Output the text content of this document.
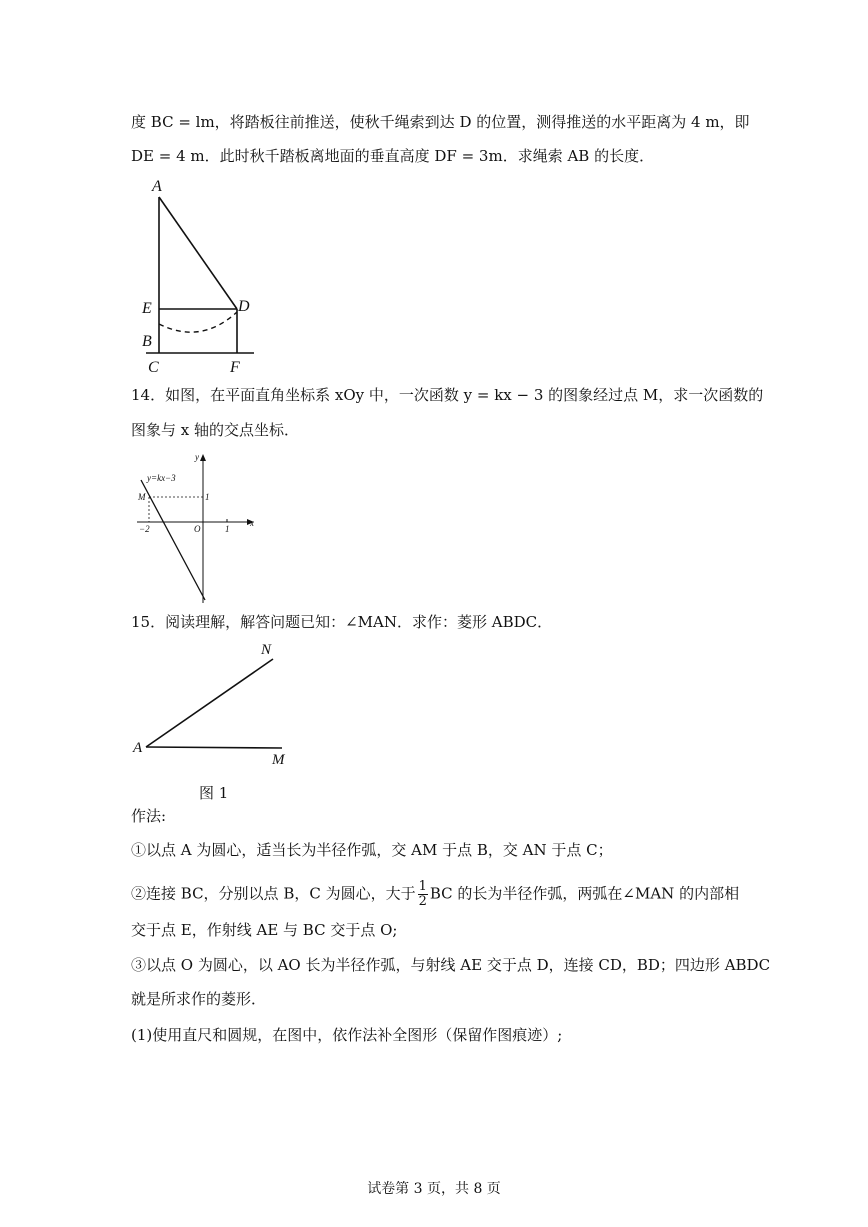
度 BC = lm，将踏板往前推送，使秋千绳索到达 D 的位置，测得推送的水平距离为 4 m，即
DE = 4 m．此时秋千踏板离地面的垂直高度 DF = 3m．求绳索 AB 的长度．
A
E	D
B
C	F
14．如图，在平面直角坐标系 xOy 中，一次函数 y = kx − 3 的图象经过点 M，求一次函数的
图象与 x 轴的交点坐标．
y=kx−3
M
−2	O	1
1
x
y
15．阅读理解，解答问题已知：∠MAN．求作：菱形 ABDC．
A
N
M
图 1
作法:
①以点 A 为圆心，适当长为半径作弧，交 AM 于点 B，交 AN 于点 C；
②连接 BC，分别以点 B，C 为圆心，大于 $\frac{1}{2}$ BC 的长为半径作弧，两弧在∠MAN 的内部相
交于点 E，作射线 AE 与 BC 交于点 O;
③以点 O 为圆心，以 AO 长为半径作弧，与射线 AE 交于点 D，连接 CD，BD；四边形 ABDC
就是所求作的菱形．
(1)使用直尺和圆规，在图中，依作法补全图形（保留作图痕迹）;
试卷第 3 页，共 8 页
